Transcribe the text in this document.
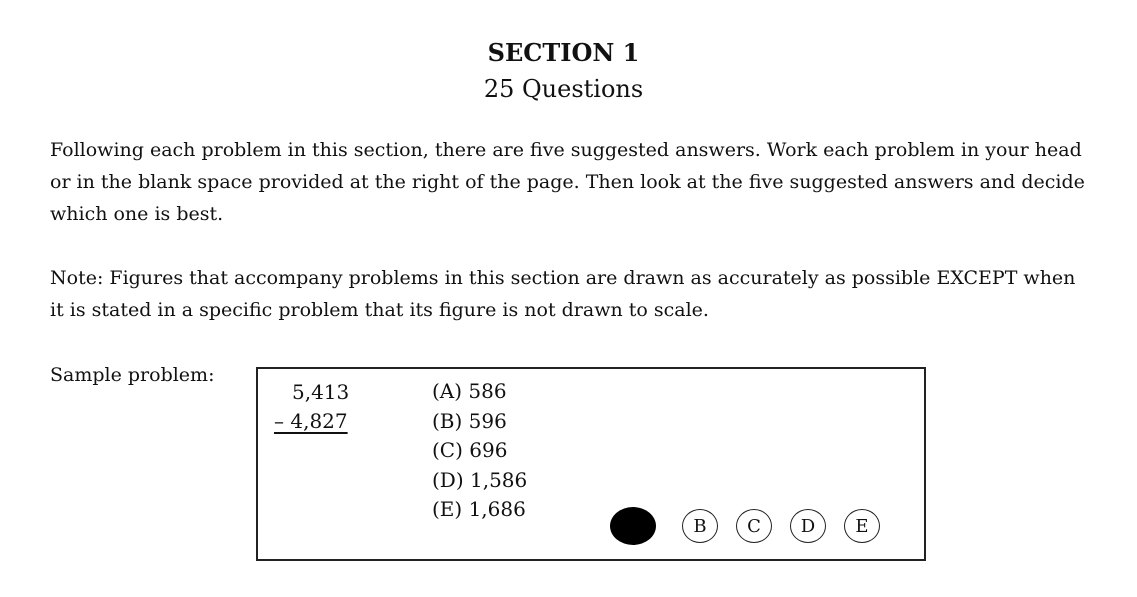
SECTION 1
25 Questions
Following each problem in this section, there are five suggested answers. Work each problem in your head or in the blank space provided at the right of the page. Then look at the five suggested answers and decide which one is best.
Note: Figures that accompany problems in this section are drawn as accurately as possible EXCEPT when it is stated in a specific problem that its figure is not drawn to scale.
Sample problem:
5,413
– 4,827
(A) 586
(B) 596
(C) 696
(D) 1,586
(E) 1,686
B	C	D	E
